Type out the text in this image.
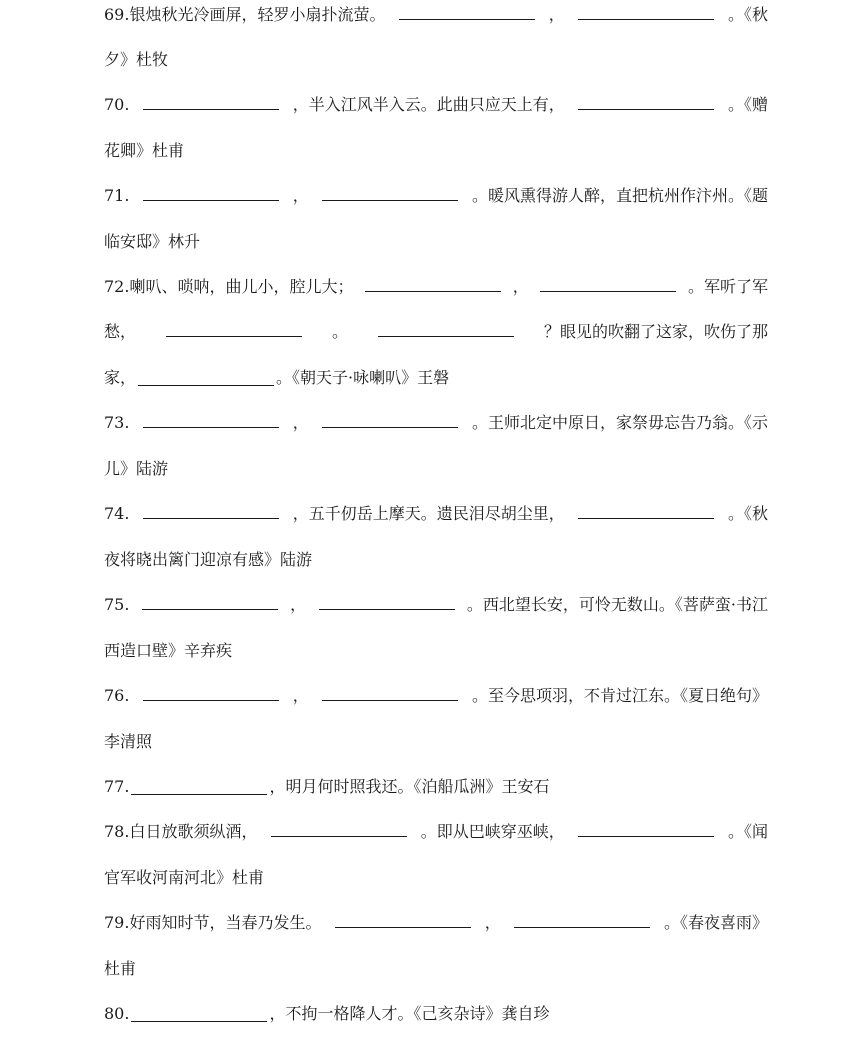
69.银烛秋光冷画屏，轻罗小扇扑流萤。	，	。《秋
夕》杜牧
70.	，半入江风半入云。此曲只应天上有，	。《赠
花卿》杜甫
71.	，	。暖风熏得游人醉，直把杭州作汴州。《题
临安邸》林升
72.喇叭、唢呐，曲儿小，腔儿大；	，	。军听了军
愁，	。	？眼见的吹翻了这家，吹伤了那
家，	。《朝天子·咏喇叭》王磐
73.	，	。王师北定中原日，家祭毋忘告乃翁。《示
儿》陆游
74.	，五千仞岳上摩天。遗民泪尽胡尘里，	。《秋
夜将晓出篱门迎凉有感》陆游
75.	，	。西北望长安，可怜无数山。《菩萨蛮·书江
西造口壁》辛弃疾
76.	，	。至今思项羽，不肯过江东。《夏日绝句》
李清照
77.	，明月何时照我还。《泊船瓜洲》王安石
78.白日放歌须纵酒，	。即从巴峡穿巫峡，	。《闻
官军收河南河北》杜甫
79.好雨知时节，当春乃发生。	，	。《春夜喜雨》
杜甫
80.	，不拘一格降人才。《己亥杂诗》龚自珍
